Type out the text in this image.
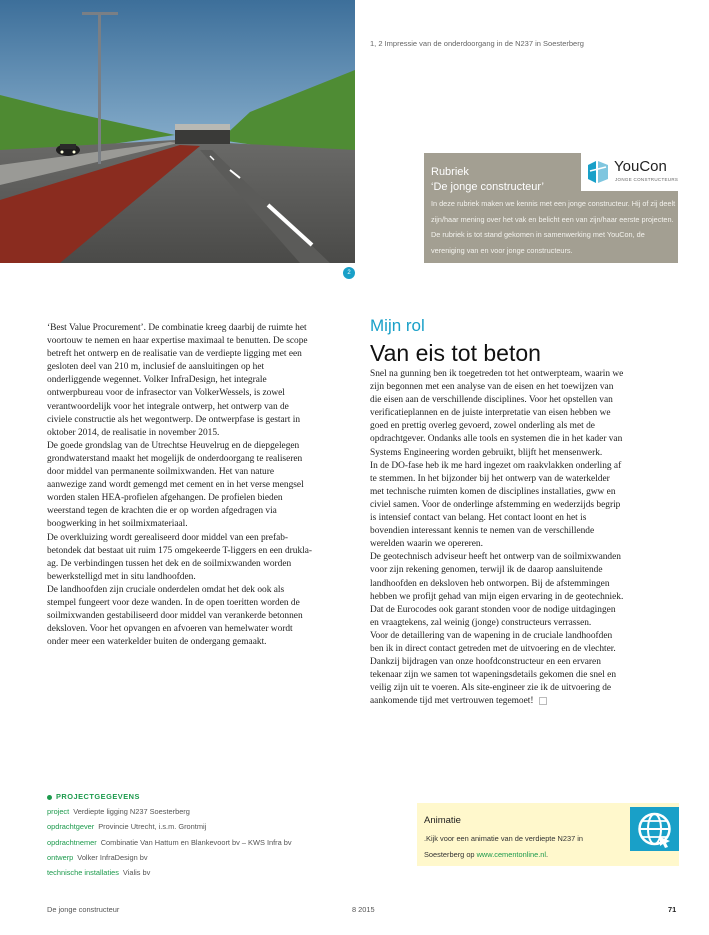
1, 2 Impressie van de onderdoorgang in de N237 in Soesterberg
2
Rubriek
‘De jonge constructeur’
In deze rubriek maken we kennis met een jonge constructeur. Hij of zij deelt zijn/haar mening over het vak en belicht een van zijn/haar eerste projecten. De rubriek is tot stand gekomen in samenwerking met YouCon, de vereniging van en voor jonge constructeurs.
YouCon
JONGE CONSTRUCTEURS

‘Best Value Procurement’. De combinatie kreeg daarbij de ruimte het voortouw te nemen en haar expertise maximaal te benutten. De scope betreft het ontwerp en de realisatie van de verdiepte ligging met een gesloten deel van 210 m, inclusief de aansluitingen op het onderliggende wegennet. Volker InfraDesign, het integrale ontwerpbureau voor de infrasector van VolkerWessels, is zowel verantwoordelijk voor het integrale ontwerp, het ontwerp van de civiele constructie als het wegontwerp. De ontwerpfase is gestart in oktober 2014, de realisatie in november 2015.

De goede grondslag van de Utrechtse Heuvelrug en de diepgelegen grondwaterstand maakt het mogelijk de onderdoorgang te realiseren door middel van permanente soilmixwanden. Het van nature aanwezige zand wordt gemengd met cement en in het verse mengsel worden stalen HEA-profielen afgehangen. De profielen bieden weerstand tegen de krachten die er op worden afgedragen via boogwerking in het soilmixmateriaal.

De overkluizing wordt gerealiseerd door middel van een prefab-betondek dat bestaat uit ruim 175 omgekeerde T-liggers en een druklaag. De verbindingen tussen het dek en de soilmixwanden worden bewerkstelligd met in situ landhoofden.

De landhoofden zijn cruciale onderdelen omdat het dek ook als stempel fungeert voor deze wanden. In de open toeritten worden de soilmixwanden gestabiliseerd door middel van verankerde betonnen deksloven. Voor het opvangen en afvoeren van hemelwater wordt onder meer een waterkelder buiten de ondergang gemaakt.

Mijn rol
Van eis tot beton

Snel na gunning ben ik toegetreden tot het ontwerpteam, waarin we zijn begonnen met een analyse van de eisen en het toewijzen van die eisen aan de verschillende disciplines. Voor het opstellen van verificatieplannen en de juiste interpretatie van eisen hebben we goed en prettig overleg gevoerd, zowel onderling als met de opdrachtgever. Ondanks alle tools en systemen die in het kader van Systems Engineering worden gebruikt, blijft het mensenwerk.

In de DO-fase heb ik me hard ingezet om raakvlakken onderling af te stemmen. In het bijzonder bij het ontwerp van de waterkelder met technische ruimten komen de disciplines installaties, gww en civiel samen. Voor de onderlinge afstemming en wederzijds begrip is intensief contact van belang. Het contact loont en het is bovendien interessant kennis te nemen van de verschillende werelden waarin we opereren.

De geotechnisch adviseur heeft het ontwerp van de soilmixwanden voor zijn rekening genomen, terwijl ik de daarop aansluitende landhoofden en deksloven heb ontworpen. Bij de afstemmingen hebben we profijt gehad van mijn eigen ervaring in de geotechniek. Dat de Eurocodes ook garant stonden voor de nodige uitdagingen en vraagtekens, zal weinig (jonge) constructeurs verrassen.

Voor de detaillering van de wapening in de cruciale landhoofden ben ik in direct contact getreden met de uitvoering en de vlechter. Dankzij bijdragen van onze hoofdconstructeur en een ervaren tekenaar zijn we samen tot wapeningsdetails gekomen die snel en veilig zijn uit te voeren. Als site-engineer zie ik de uitvoering de aankomende tijd met vertrouwen tegemoet!

PROJECTGEGEVENS
project Verdiepte ligging N237 Soesterberg
opdrachtgever Provincie Utrecht, i.s.m. Grontmij
opdrachtnemer Combinatie Van Hattum en Blankevoort bv – KWS Infra bv
ontwerp Volker InfraDesign bv
technische installaties Vialis bv
Animatie
.Kijk voor een animatie van de verdiepte N237 in Soesterberg op www.cementonline.nl.
De jonge constructeur	8 2015	71
